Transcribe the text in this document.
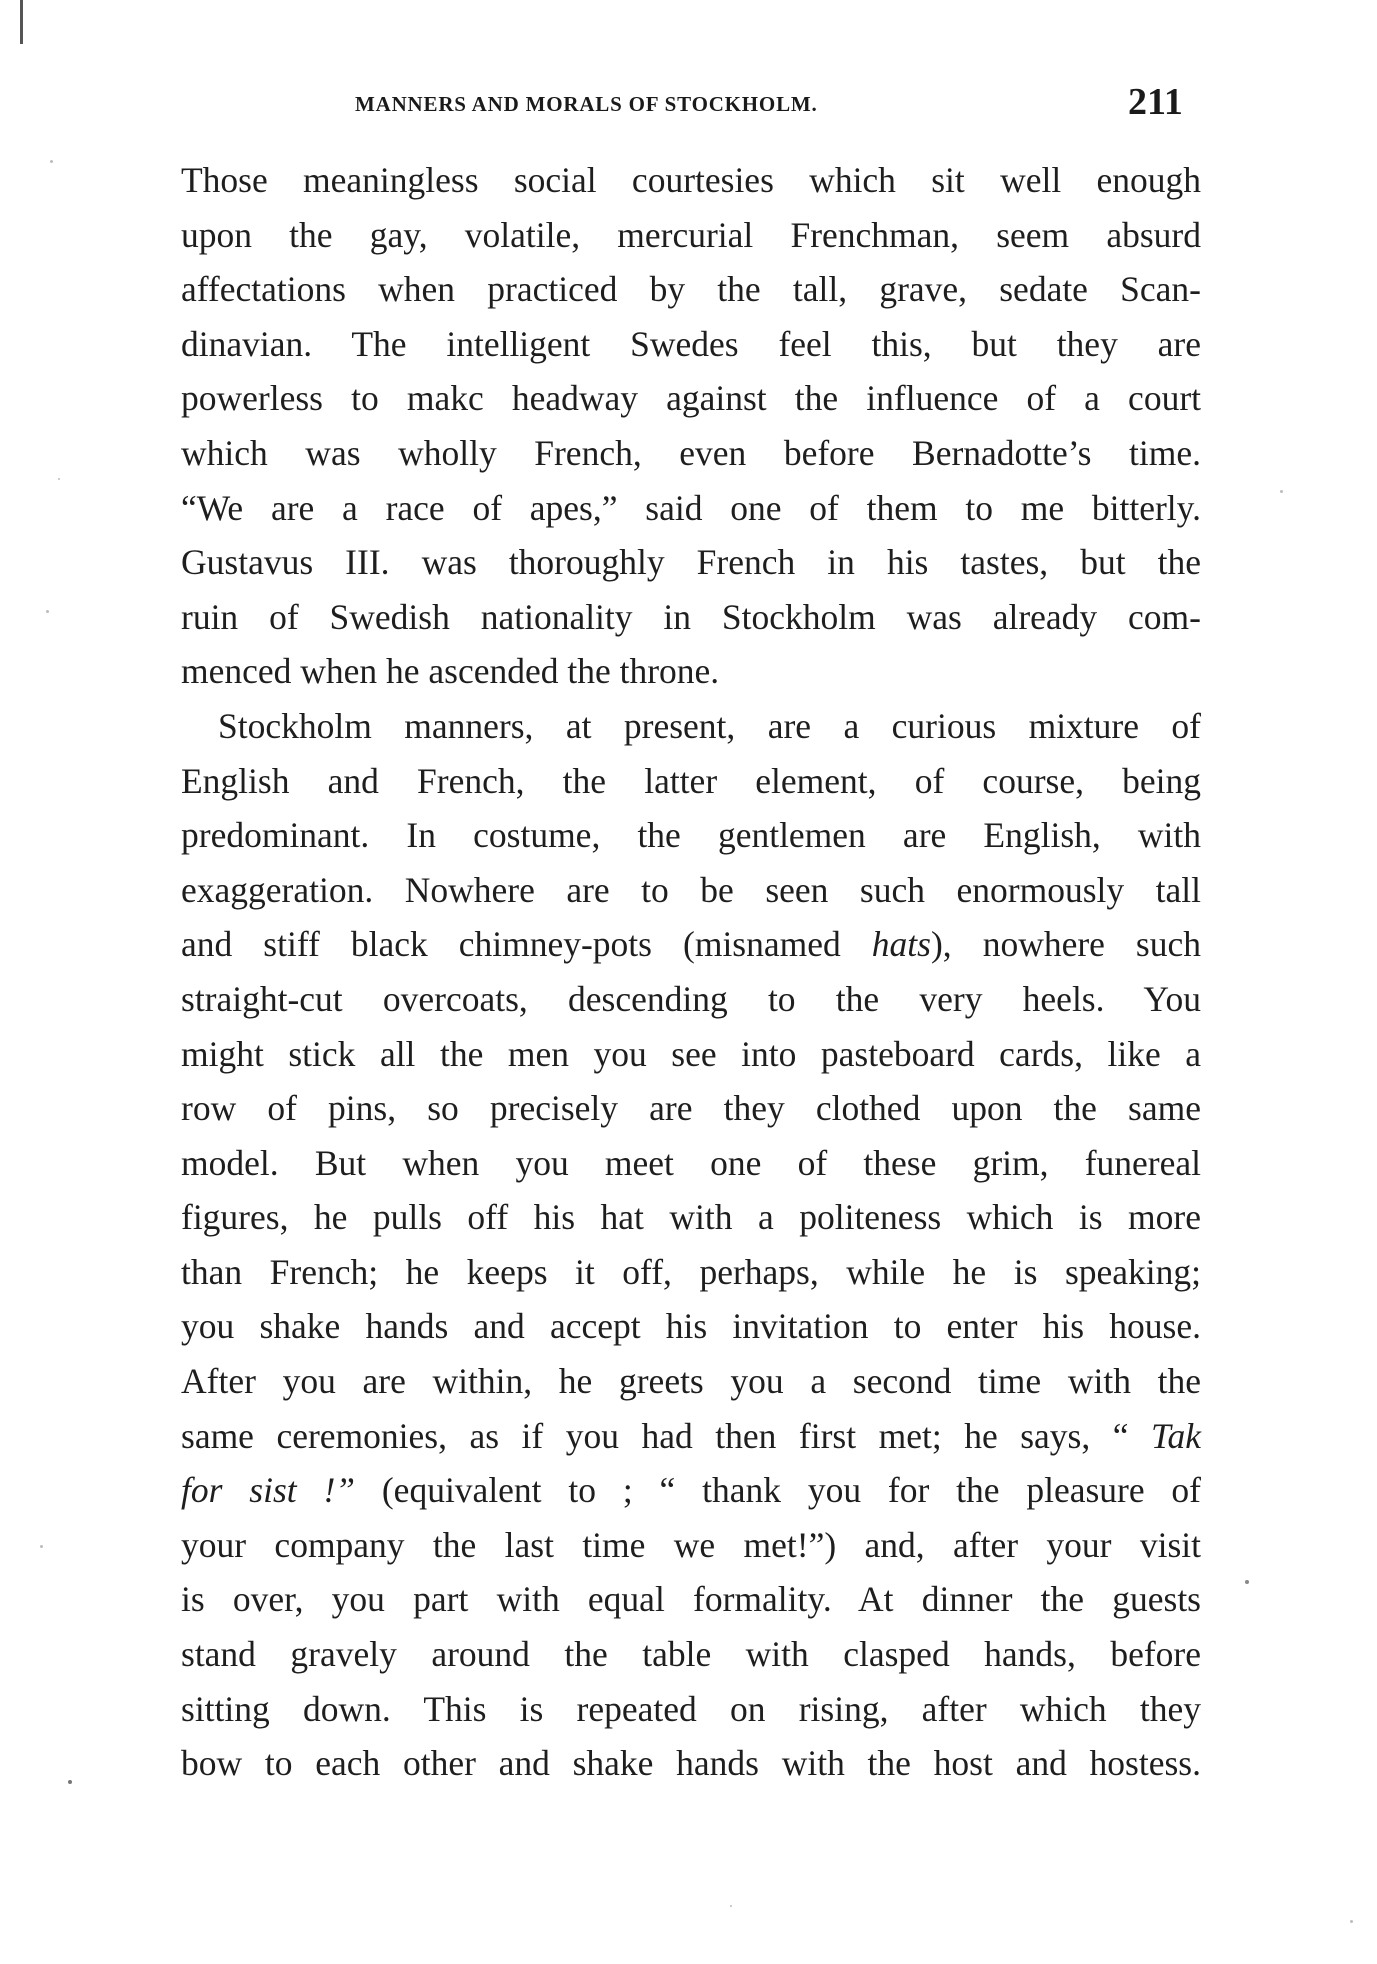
MANNERS AND MORALS OF STOCKHOLM.	211
Those meaningless social courtesies which sit well enough
upon the gay, volatile, mercurial Frenchman, seem absurd
affectations when practiced by the tall, grave, sedate Scan-
dinavian. The intelligent Swedes feel this, but they are
powerless to makc headway against the influence of a court
which was wholly French, even before Bernadotte’s time.
“We are a race of apes,” said one of them to me bitterly.
Gustavus III. was thoroughly French in his tastes, but the
ruin of Swedish nationality in Stockholm was already com-
menced when he ascended the throne.
Stockholm manners, at present, are a curious mixture of
English and French, the latter element, of course, being
predominant. In costume, the gentlemen are English, with
exaggeration. Nowhere are to be seen such enormously tall
and stiff black chimney-pots (misnamed hats), nowhere such
straight-cut overcoats, descending to the very heels. You
might stick all the men you see into pasteboard cards, like a
row of pins, so precisely are they clothed upon the same
model. But when you meet one of these grim, funereal
figures, he pulls off his hat with a politeness which is more
than French; he keeps it off, perhaps, while he is speaking;
you shake hands and accept his invitation to enter his house.
After you are within, he greets you a second time with the
same ceremonies, as if you had then first met; he says, “ Tak
for sist !” (equivalent to ; “ thank you for the pleasure of
your company the last time we met!”) and, after your visit
is over, you part with equal formality. At dinner the guests
stand gravely around the table with clasped hands, before
sitting down. This is repeated on rising, after which they
bow to each other and shake hands with the host and hostess.
